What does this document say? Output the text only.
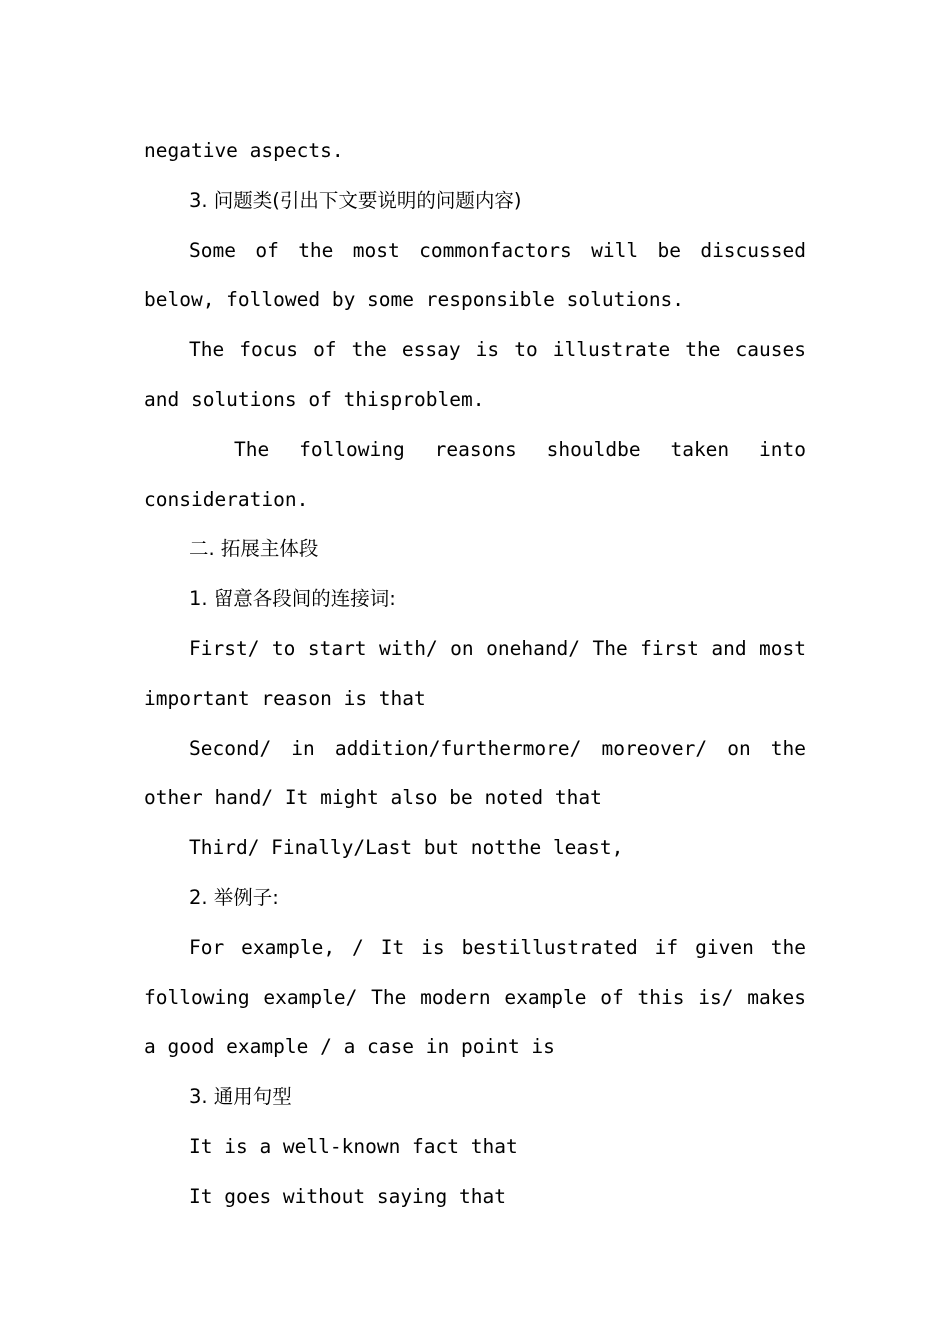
negative aspects.

3. 问题类(引出下文要说明的问题内容)

Some of the most commonfactors will be discussed below, followed by some responsible solutions.

The focus of the essay is to illustrate the causes and solutions of thisproblem.

The following reasons shouldbe taken into

consideration.

二. 拓展主体段

1. 留意各段间的连接词:

First/ to start with/ on onehand/ The first and most important reason is that

Second/ in addition/furthermore/ moreover/ on the other hand/ It might also be noted that

Third/ Finally/Last but notthe least,

2. 举例子:

For example, / It is bestillustrated if given the following example/ The modern example of this is/ makes a good example / a case in point is

3. 通用句型

It is a well-known fact that

It goes without saying that
